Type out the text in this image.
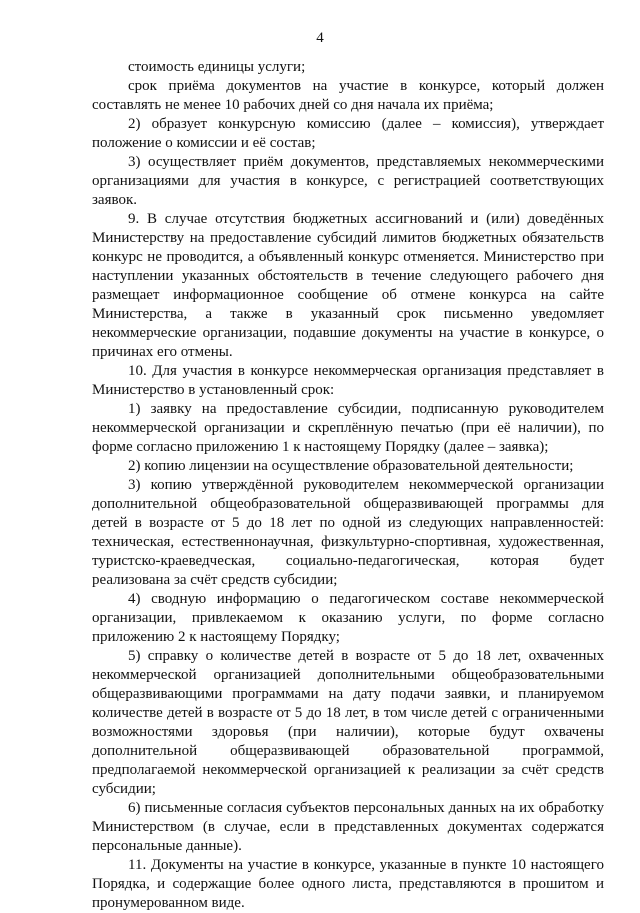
4

стоимость единицы услуги;

срок приёма документов на участие в конкурсе, который должен составлять не менее 10 рабочих дней со дня начала их приёма;

2) образует конкурсную комиссию (далее – комиссия), утверждает положение о комиссии и её состав;

3) осуществляет приём документов, представляемых некоммерческими организациями для участия в конкурсе, с регистрацией соответствующих заявок.

9. В случае отсутствия бюджетных ассигнований и (или) доведённых Министерству на предоставление субсидий лимитов бюджетных обязательств конкурс не проводится, а объявленный конкурс отменяется. Министерство при наступлении указанных обстоятельств в течение следующего рабочего дня размещает информационное сообщение об отмене конкурса на сайте Министерства, а также в указанный срок письменно уведомляет некоммерческие организации, подавшие документы на участие в конкурсе, о причинах его отмены.

10. Для участия в конкурсе некоммерческая организация представляет в Министерство в установленный срок:

1) заявку на предоставление субсидии, подписанную руководителем некоммерческой организации и скреплённую печатью (при её наличии), по форме согласно приложению 1 к настоящему Порядку (далее – заявка);

2) копию лицензии на осуществление образовательной деятельности;

3) копию утверждённой руководителем некоммерческой организации дополнительной общеобразовательной общеразвивающей программы для детей в возрасте от 5 до 18 лет по одной из следующих направленностей: техническая, естественнонаучная, физкультурно-спортивная, художественная, туристско-краеведческая, социально-педагогическая, которая будет реализована за счёт средств субсидии;

4) сводную информацию о педагогическом составе некоммерческой организации, привлекаемом к оказанию услуги, по форме согласно приложению 2 к настоящему Порядку;

5) справку о количестве детей в возрасте от 5 до 18 лет, охваченных некоммерческой организацией дополнительными общеобразовательными общеразвивающими программами на дату подачи заявки, и планируемом количестве детей в возрасте от 5 до 18 лет, в том числе детей с ограниченными возможностями здоровья (при наличии), которые будут охвачены дополнительной общеразвивающей образовательной программой, предполагаемой некоммерческой организацией к реализации за счёт средств субсидии;

6) письменные согласия субъектов персональных данных на их обработку Министерством (в случае, если в представленных документах содержатся персональные данные).

11. Документы на участие в конкурсе, указанные в пункте 10 настоящего Порядка, и содержащие более одного листа, представляются в прошитом и пронумерованном виде.
